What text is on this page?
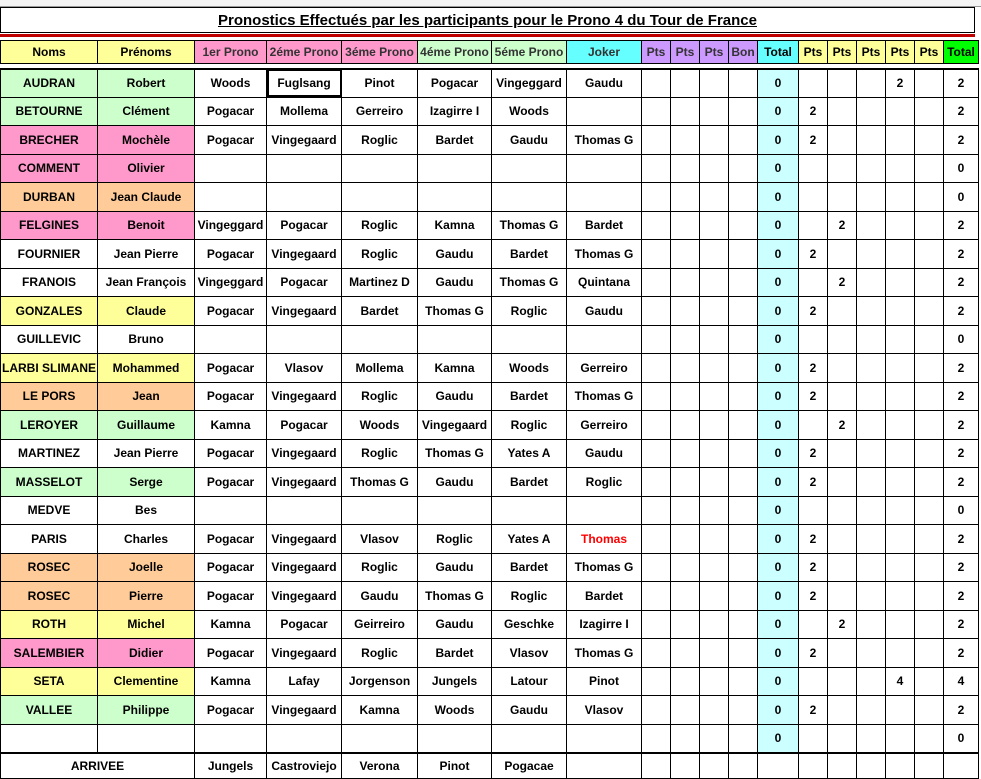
Pronostics Effectués par les participants pour le Prono 4 du Tour de France
Noms	Prénoms	1er Prono	2éme Prono	3éme Prono	4éme Prono	5éme Prono	Joker	Pts	Pts	Pts	Bon	Total	Pts	Pts	Pts	Pts	Pts	Total

AUDRAN	Robert	Woods	Fuglsang	Pinot	Pogacar	Vingeggard	Gaudu					0				2		2
BETOURNE	Clément	Pogacar	Mollema	Gerreiro	Izagirre I	Woods						0	2					2
BRECHER	Mochèle	Pogacar	Vingegaard	Roglic	Bardet	Gaudu	Thomas G					0	2					2
COMMENT	Olivier											0						0
DURBAN	Jean Claude											0						0
FELGINES	Benoit	Vingeggard	Pogacar	Roglic	Kamna	Thomas G	Bardet					0		2				2
FOURNIER	Jean Pierre	Pogacar	Vingegaard	Roglic	Gaudu	Bardet	Thomas G					0	2					2
FRANOIS	Jean François	Vingeggard	Pogacar	Martinez D	Gaudu	Thomas G	Quintana					0		2				2
GONZALES	Claude	Pogacar	Vingegaard	Bardet	Thomas G	Roglic	Gaudu					0	2					2
GUILLEVIC	Bruno											0						0
LARBI SLIMANE	Mohammed	Pogacar	Vlasov	Mollema	Kamna	Woods	Gerreiro					0	2					2
LE PORS	Jean	Pogacar	Vingegaard	Roglic	Gaudu	Bardet	Thomas G					0	2					2
LEROYER	Guillaume	Kamna	Pogacar	Woods	Vingegaard	Roglic	Gerreiro					0		2				2
MARTINEZ	Jean Pierre	Pogacar	Vingegaard	Roglic	Thomas G	Yates A	Gaudu					0	2					2
MASSELOT	Serge	Pogacar	Vingegaard	Thomas G	Gaudu	Bardet	Roglic					0	2					2
MEDVE	Bes											0						0
PARIS	Charles	Pogacar	Vingegaard	Vlasov	Roglic	Yates A	Thomas					0	2					2
ROSEC	Joelle	Pogacar	Vingegaard	Roglic	Gaudu	Bardet	Thomas G					0	2					2
ROSEC	Pierre	Pogacar	Vingegaard	Gaudu	Thomas G	Roglic	Bardet					0	2					2
ROTH	Michel	Kamna	Pogacar	Geirreiro	Gaudu	Geschke	Izagirre I					0		2				2
SALEMBIER	Didier	Pogacar	Vingegaard	Roglic	Bardet	Vlasov	Thomas G					0	2					2
SETA	Clementine	Kamna	Lafay	Jorgenson	Jungels	Latour	Pinot					0				4		4
VALLEE	Philippe	Pogacar	Vingegaard	Kamna	Woods	Gaudu	Vlasov					0	2					2
												0						0
ARRIVEE		Jungels	Castroviejo	Verona	Pinot	Pogacae												
